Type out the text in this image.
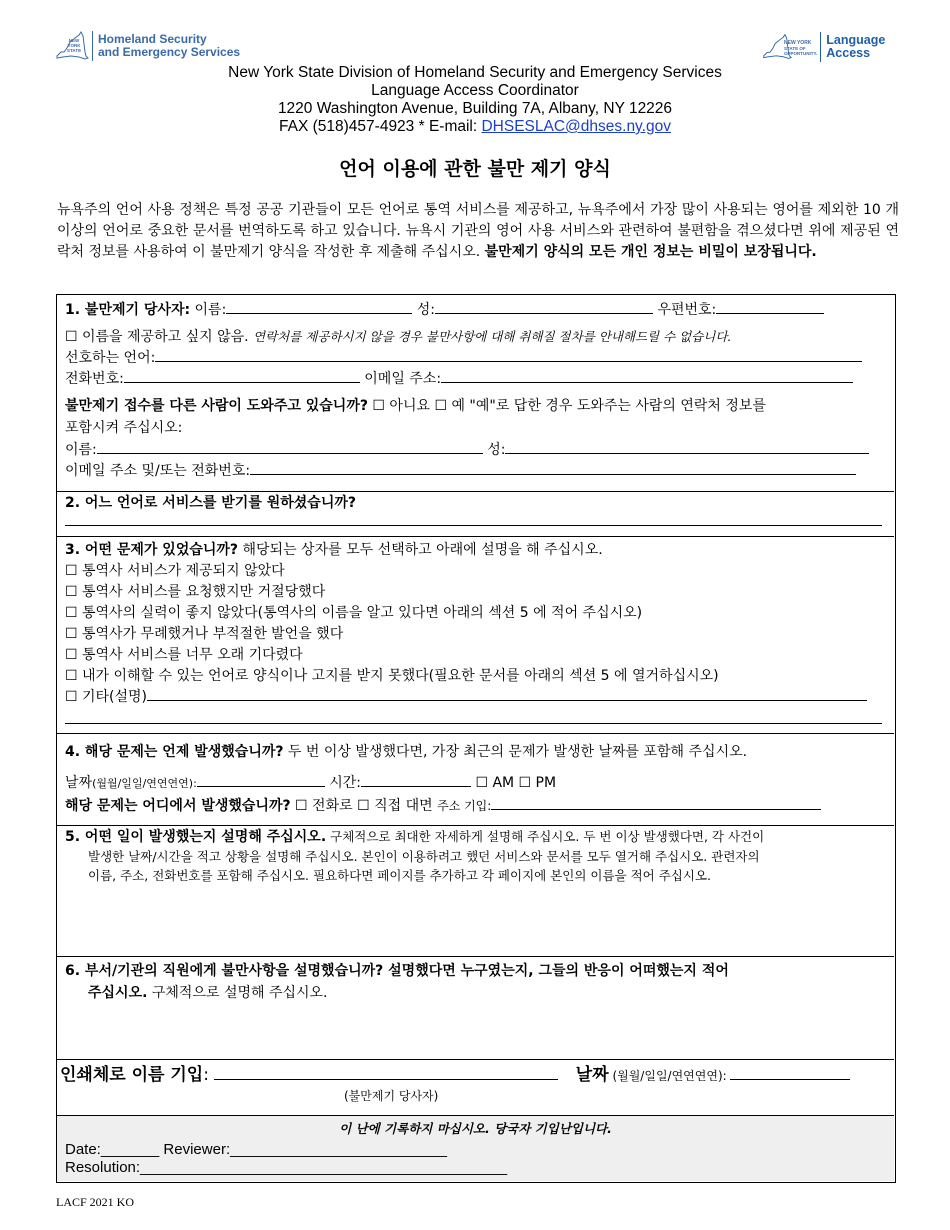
NEW
YORK
STATE
Homeland Security
and Emergency Services
NEW YORK
STATE OF
OPPORTUNITY.
Language
Access
New York State Division of Homeland Security and Emergency Services
Language Access Coordinator
1220 Washington Avenue, Building 7A, Albany, NY 12226
FAX (518)457-4923 * E-mail: DHSESLAC@dhses.ny.gov
언어 이용에 관한 불만 제기 양식
뉴욕주의 언어 사용 정책은 특정 공공 기관들이 모든 언어로 통역 서비스를 제공하고, 뉴욕주에서 가장 많이 사용되는 영어를 제외한 10 개 이상의 언어로 중요한 문서를 번역하도록 하고 있습니다. 뉴욕시 기관의 영어 사용 서비스와 관련하여 불편함을 겪으셨다면 위에 제공된 연락처 정보를 사용하여 이 불만제기 양식을 작성한 후 제출해 주십시오. 불만제기 양식의 모든 개인 정보는 비밀이 보장됩니다.
1. 불만제기 당사자: 이름:	성:	우편번호:
☐ 이름을 제공하고 싶지 않음. 연락처를 제공하시지 않을 경우 불만사항에 대해 취해질 절차를 안내해드릴 수 없습니다.
선호하는 언어:
전화번호:	이메일 주소:
불만제기 접수를 다른 사람이 도와주고 있습니까? ☐ 아니요 ☐ 예 "예"로 답한 경우 도와주는 사람의 연락처 정보를
포함시켜 주십시오:
이름:	성:
이메일 주소 및/또는 전화번호:
2. 어느 언어로 서비스를 받기를 원하셨습니까?
3. 어떤 문제가 있었습니까? 해당되는 상자를 모두 선택하고 아래에 설명을 해 주십시오.
☐ 통역사 서비스가 제공되지 않았다
☐ 통역사 서비스를 요청했지만 거절당했다
☐ 통역사의 실력이 좋지 않았다(통역사의 이름을 알고 있다면 아래의 섹션 5 에 적어 주십시오)
☐ 통역사가 무례했거나 부적절한 발언을 했다
☐ 통역사 서비스를 너무 오래 기다렸다
☐ 내가 이해할 수 있는 언어로 양식이나 고지를 받지 못했다(필요한 문서를 아래의 섹션 5 에 열거하십시오)
☐ 기타(설명)
4. 해당 문제는 언제 발생했습니까? 두 번 이상 발생했다면, 가장 최근의 문제가 발생한 날짜를 포함해 주십시오.
날짜(월월/일일/연연연연):	시간:	☐ AM ☐ PM
해당 문제는 어디에서 발생했습니까? ☐ 전화로 ☐ 직접 대면 주소 기입:
5. 어떤 일이 발생했는지 설명해 주십시오. 구체적으로 최대한 자세하게 설명해 주십시오. 두 번 이상 발생했다면, 각 사건이
발생한 날짜/시간을 적고 상황을 설명해 주십시오. 본인이 이용하려고 했던 서비스와 문서를 모두 열거해 주십시오. 관련자의
이름, 주소, 전화번호를 포함해 주십시오. 필요하다면 페이지를 추가하고 각 페이지에 본인의 이름을 적어 주십시오.
6. 부서/기관의 직원에게 불만사항을 설명했습니까? 설명했다면 누구였는지, 그들의 반응이 어떠했는지 적어
주십시오. 구체적으로 설명해 주십시오.
인쇄체로 이름 기입:	날짜 (월월/일일/연연연연):
(불만제기 당사자)
이 난에 기록하지 마십시오. 당국자 기입난입니다.
Date:_______ Reviewer:__________________________
Resolution:____________________________________________
LACF 2021 KO
